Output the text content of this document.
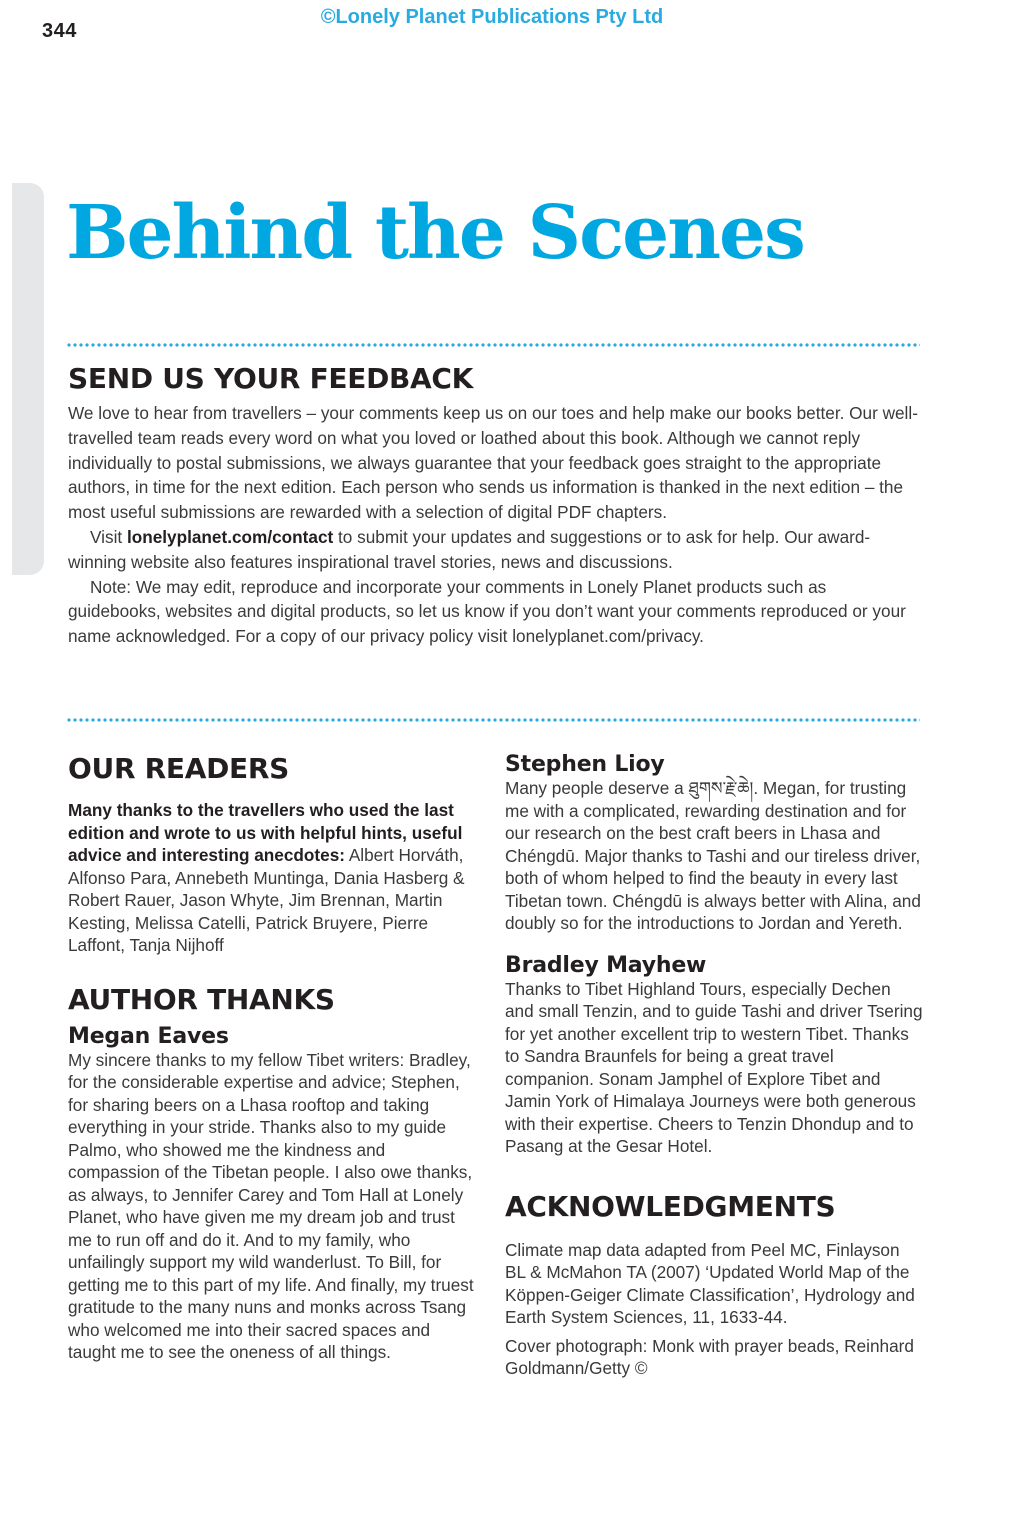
344
©Lonely Planet Publications Pty Ltd
Behind the Scenes
SEND US YOUR FEEDBACK

We love to hear from travellers – your comments keep us on our toes and help make our books better. Our well-travelled team reads every word on what you loved or loathed about this book. Although we cannot reply individually to postal submissions, we always guarantee that your feedback goes straight to the appropriate authors, in time for the next edition. Each person who sends us information is thanked in the next edition – the most useful submissions are rewarded with a selection of digital PDF chapters.

Visit lonelyplanet.com/contact to submit your updates and suggestions or to ask for help. Our award-winning website also features inspirational travel stories, news and discussions.

Note: We may edit, reproduce and incorporate your comments in Lonely Planet products such as guidebooks, websites and digital products, so let us know if you don’t want your comments reproduced or your name acknowledged. For a copy of our privacy policy visit lonelyplanet.com/privacy.

OUR READERS

Many thanks to the travellers who used the last edition and wrote to us with helpful hints, useful advice and interesting anecdotes: Albert Horváth, Alfonso Para, Annebeth Muntinga, Dania Hasberg & Robert Rauer, Jason Whyte, Jim Brennan, Martin Kesting, Melissa Catelli, Patrick Bruyere, Pierre Laffont, Tanja Nijhoff

AUTHOR THANKS
Megan Eaves

My sincere thanks to my fellow Tibet writers: Bradley, for the considerable expertise and advice; Stephen, for sharing beers on a Lhasa rooftop and taking everything in your stride. Thanks also to my guide Palmo, who showed me the kindness and compassion of the Tibetan people. I also owe thanks, as always, to Jennifer Carey and Tom Hall at Lonely Planet, who have given me my dream job and trust me to run off and do it. And to my family, who unfailingly support my wild wanderlust. To Bill, for getting me to this part of my life. And finally, my truest gratitude to the many nuns and monks across Tsang who welcomed me into their sacred spaces and taught me to see the oneness of all things.

Stephen Lioy

Many people deserve a ཐུགས་རྗེ་ཆེ།. Megan, for trusting me with a complicated, rewarding destination and for our research on the best craft beers in Lhasa and Chéngdū. Major thanks to Tashi and our tireless driver, both of whom helped to find the beauty in every last Tibetan town. Chéngdū is always better with Alina, and doubly so for the introductions to Jordan and Yereth.

Bradley Mayhew

Thanks to Tibet Highland Tours, especially Dechen and small Tenzin, and to guide Tashi and driver Tsering for yet another excellent trip to western Tibet. Thanks to Sandra Braunfels for being a great travel companion. Sonam Jamphel of Explore Tibet and Jamin York of Himalaya Journeys were both generous with their expertise. Cheers to Tenzin Dhondup and to Pasang at the Gesar Hotel.

ACKNOWLEDGMENTS

Climate map data adapted from Peel MC, Finlayson BL & McMahon TA (2007) ‘Updated World Map of the Köppen-Geiger Climate Classification’, Hydrology and Earth System Sciences, 11, 1633-44.

Cover photograph: Monk with prayer beads, Reinhard Goldmann/Getty ©
